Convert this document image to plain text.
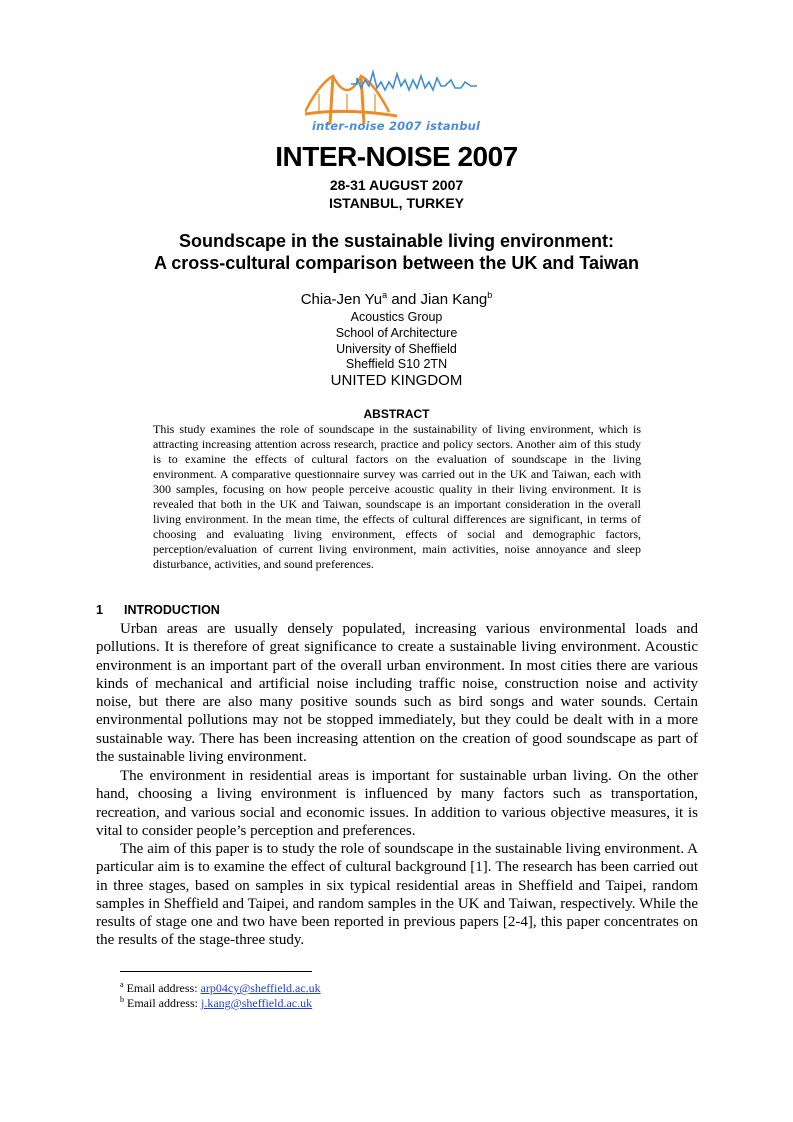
inter-noise 2007 istanbul
INTER-NOISE 2007
28-31 AUGUST 2007
ISTANBUL, TURKEY
Soundscape in the sustainable living environment:
A cross-cultural comparison between the UK and Taiwan
Chia-Jen Yu$^a$ and Jian Kang$^b$
Acoustics Group
School of Architecture
University of Sheffield
Sheffield S10 2TN
UNITED KINGDOM
ABSTRACT

This study examines the role of soundscape in the sustainability of living environment, which is attracting increasing attention across research, practice and policy sectors. Another aim of this study is to examine the effects of cultural factors on the evaluation of soundscape in the living environment. A comparative questionnaire survey was carried out in the UK and Taiwan, each with 300 samples, focusing on how people perceive acoustic quality in their living environment. It is revealed that both in the UK and Taiwan, soundscape is an important consideration in the overall living environment. In the mean time, the effects of cultural differences are significant, in terms of choosing and evaluating living environment, effects of social and demographic factors, perception/evaluation of current living environment, main activities, noise annoyance and sleep disturbance, activities, and sound preferences.

1 INTRODUCTION

Urban areas are usually densely populated, increasing various environmental loads and pollutions. It is therefore of great significance to create a sustainable living environment. Acoustic environment is an important part of the overall urban environment. In most cities there are various kinds of mechanical and artificial noise including traffic noise, construction noise and activity noise, but there are also many positive sounds such as bird songs and water sounds. Certain environmental pollutions may not be stopped immediately, but they could be dealt with in a more sustainable way. There has been increasing attention on the creation of good soundscape as part of the sustainable living environment.

The environment in residential areas is important for sustainable urban living. On the other hand, choosing a living environment is influenced by many factors such as transportation, recreation, and various social and economic issues. In addition to various objective measures, it is vital to consider people’s perception and preferences.

The aim of this paper is to study the role of soundscape in the sustainable living environment. A particular aim is to examine the effect of cultural background [1]. The research has been carried out in three stages, based on samples in six typical residential areas in Sheffield and Taipei, random samples in Sheffield and Taipei, and random samples in the UK and Taiwan, respectively. While the results of stage one and two have been reported in previous papers [2-4], this paper concentrates on the results of the stage-three study.

$^a$ Email address: arp04cy@sheffield.ac.uk
$^b$ Email address: j.kang@sheffield.ac.uk
